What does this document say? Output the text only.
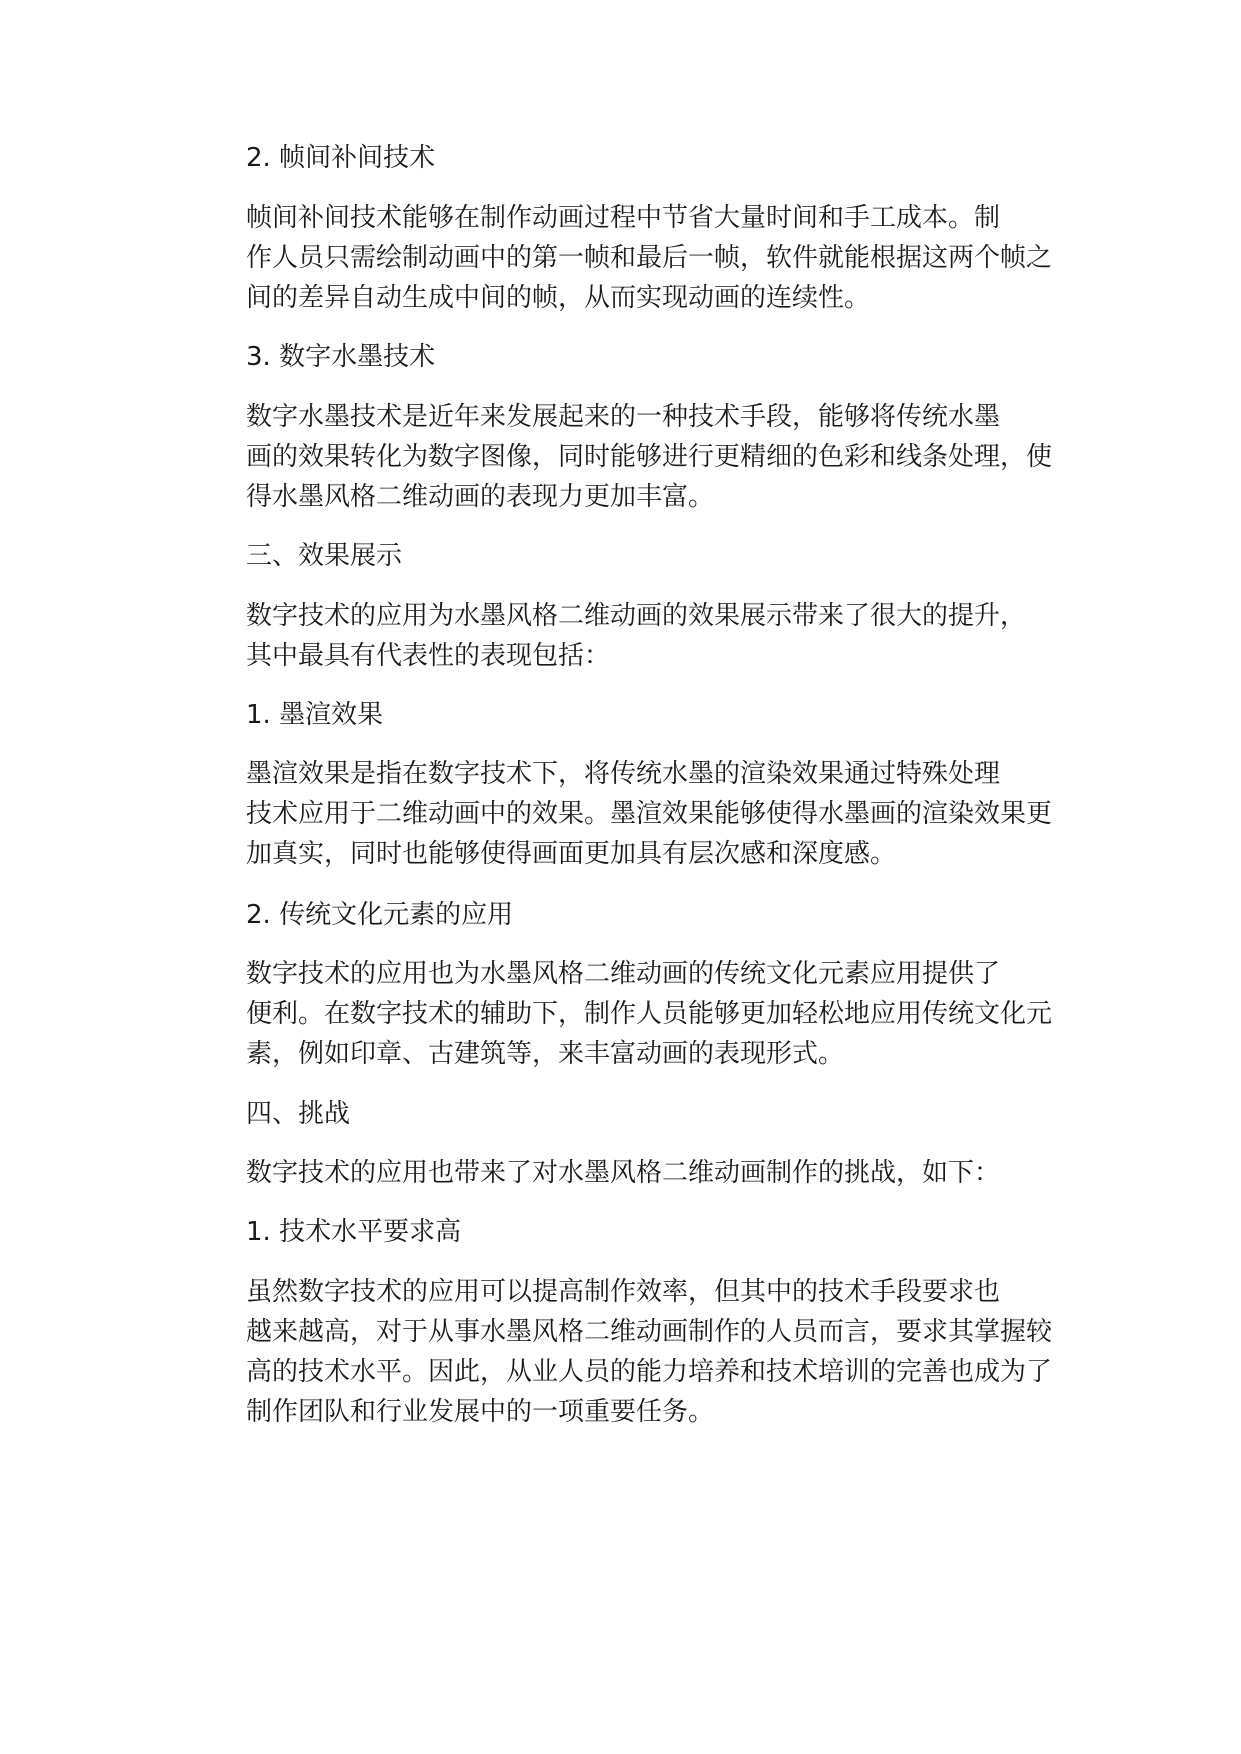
2. 帧间补间技术
帧间补间技术能够在制作动画过程中节省大量时间和手工成本。制
作人员只需绘制动画中的第一帧和最后一帧，软件就能根据这两个帧之
间的差异自动生成中间的帧，从而实现动画的连续性。
3. 数字水墨技术
数字水墨技术是近年来发展起来的一种技术手段，能够将传统水墨
画的效果转化为数字图像，同时能够进行更精细的色彩和线条处理，使
得水墨风格二维动画的表现力更加丰富。
三、效果展示
数字技术的应用为水墨风格二维动画的效果展示带来了很大的提升，
其中最具有代表性的表现包括：
1. 墨渲效果
墨渲效果是指在数字技术下，将传统水墨的渲染效果通过特殊处理
技术应用于二维动画中的效果。墨渲效果能够使得水墨画的渲染效果更
加真实，同时也能够使得画面更加具有层次感和深度感。
2. 传统文化元素的应用
数字技术的应用也为水墨风格二维动画的传统文化元素应用提供了
便利。在数字技术的辅助下，制作人员能够更加轻松地应用传统文化元
素，例如印章、古建筑等，来丰富动画的表现形式。
四、挑战
数字技术的应用也带来了对水墨风格二维动画制作的挑战，如下：
1. 技术水平要求高
虽然数字技术的应用可以提高制作效率，但其中的技术手段要求也
越来越高，对于从事水墨风格二维动画制作的人员而言，要求其掌握较
高的技术水平。因此，从业人员的能力培养和技术培训的完善也成为了
制作团队和行业发展中的一项重要任务。
